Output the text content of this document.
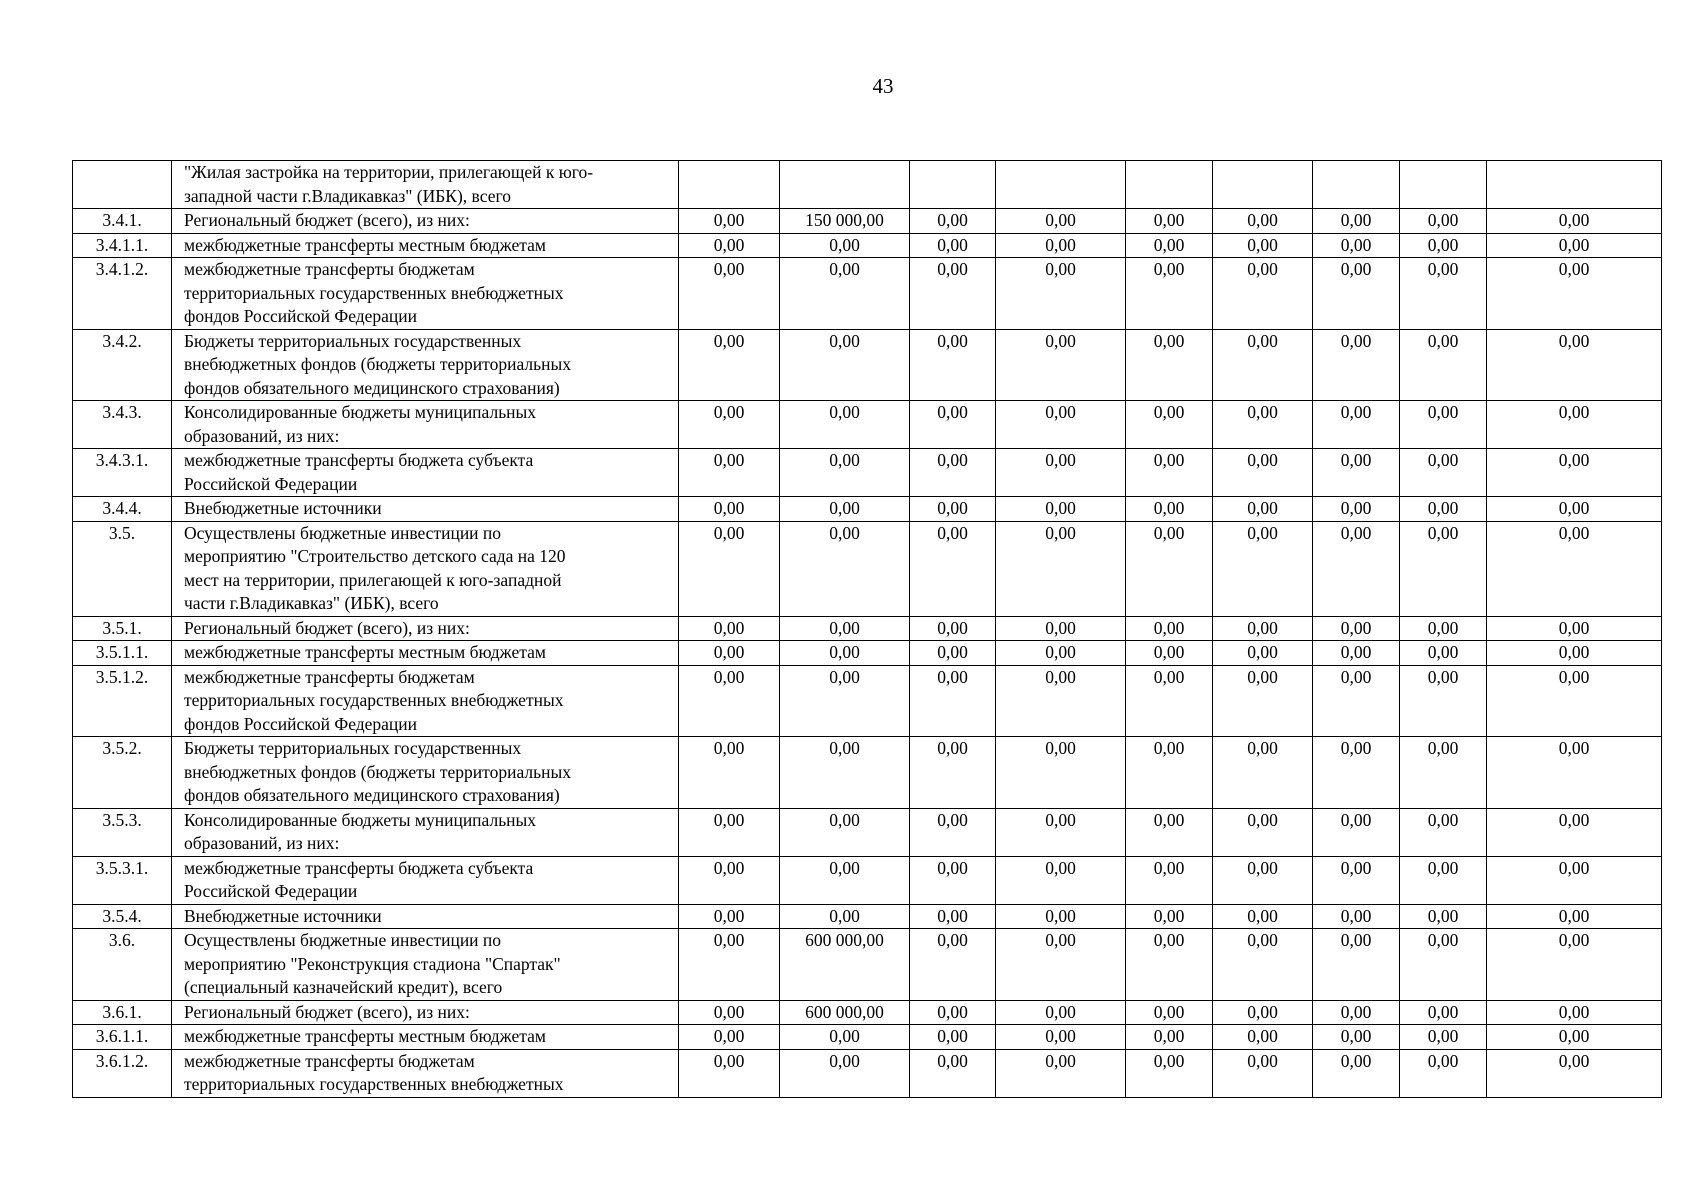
43
	"Жилая застройка на территории, прилегающей к юго-
западной части г.Владикавказ" (ИБК), всего									
3.4.1.	Региональный бюджет (всего), из них:	0,00	150 000,00	0,00	0,00	0,00	0,00	0,00	0,00	0,00
3.4.1.1.	межбюджетные трансферты местным бюджетам	0,00	0,00	0,00	0,00	0,00	0,00	0,00	0,00	0,00
3.4.1.2.	межбюджетные трансферты бюджетам
территориальных государственных внебюджетных
фондов Российской Федерации	0,00	0,00	0,00	0,00	0,00	0,00	0,00	0,00	0,00
3.4.2.	Бюджеты территориальных государственных
внебюджетных фондов (бюджеты территориальных
фондов обязательного медицинского страхования)	0,00	0,00	0,00	0,00	0,00	0,00	0,00	0,00	0,00
3.4.3.	Консолидированные бюджеты муниципальных
образований, из них:	0,00	0,00	0,00	0,00	0,00	0,00	0,00	0,00	0,00
3.4.3.1.	межбюджетные трансферты бюджета субъекта
Российской Федерации	0,00	0,00	0,00	0,00	0,00	0,00	0,00	0,00	0,00
3.4.4.	Внебюджетные источники	0,00	0,00	0,00	0,00	0,00	0,00	0,00	0,00	0,00
3.5.	Осуществлены бюджетные инвестиции по
мероприятию "Строительство детского сада на 120
мест на территории, прилегающей к юго-западной
части г.Владикавказ" (ИБК), всего	0,00	0,00	0,00	0,00	0,00	0,00	0,00	0,00	0,00
3.5.1.	Региональный бюджет (всего), из них:	0,00	0,00	0,00	0,00	0,00	0,00	0,00	0,00	0,00
3.5.1.1.	межбюджетные трансферты местным бюджетам	0,00	0,00	0,00	0,00	0,00	0,00	0,00	0,00	0,00
3.5.1.2.	межбюджетные трансферты бюджетам
территориальных государственных внебюджетных
фондов Российской Федерации	0,00	0,00	0,00	0,00	0,00	0,00	0,00	0,00	0,00
3.5.2.	Бюджеты территориальных государственных
внебюджетных фондов (бюджеты территориальных
фондов обязательного медицинского страхования)	0,00	0,00	0,00	0,00	0,00	0,00	0,00	0,00	0,00
3.5.3.	Консолидированные бюджеты муниципальных
образований, из них:	0,00	0,00	0,00	0,00	0,00	0,00	0,00	0,00	0,00
3.5.3.1.	межбюджетные трансферты бюджета субъекта
Российской Федерации	0,00	0,00	0,00	0,00	0,00	0,00	0,00	0,00	0,00
3.5.4.	Внебюджетные источники	0,00	0,00	0,00	0,00	0,00	0,00	0,00	0,00	0,00
3.6.	Осуществлены бюджетные инвестиции по
мероприятию "Реконструкция стадиона "Спартак"
(специальный казначейский кредит), всего	0,00	600 000,00	0,00	0,00	0,00	0,00	0,00	0,00	0,00
3.6.1.	Региональный бюджет (всего), из них:	0,00	600 000,00	0,00	0,00	0,00	0,00	0,00	0,00	0,00
3.6.1.1.	межбюджетные трансферты местным бюджетам	0,00	0,00	0,00	0,00	0,00	0,00	0,00	0,00	0,00
3.6.1.2.	межбюджетные трансферты бюджетам
территориальных государственных внебюджетных	0,00	0,00	0,00	0,00	0,00	0,00	0,00	0,00	0,00
